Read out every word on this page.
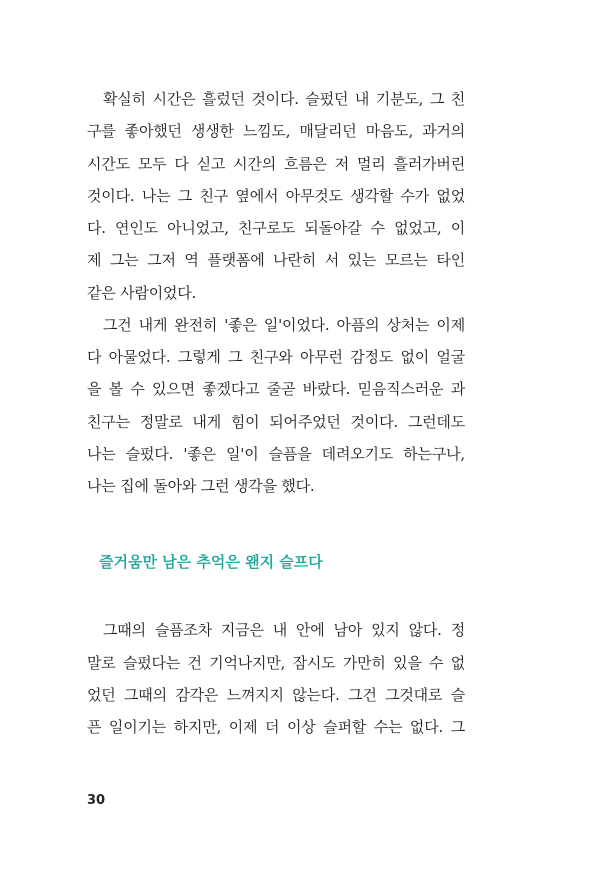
확실히 시간은 흘렀던 것이다. 슬펐던 내 기분도, 그 친
구를 좋아했던 생생한 느낌도, 매달리던 마음도, 과거의
시간도 모두 다 싣고 시간의 흐름은 저 멀리 흘러가버린
것이다. 나는 그 친구 옆에서 아무것도 생각할 수가 없었
다. 연인도 아니었고, 친구로도 되돌아갈 수 없었고, 이
제 그는 그저 역 플랫폼에 나란히 서 있는 모르는 타인
같은 사람이었다.
그건 내게 완전히 '좋은 일'이었다. 아픔의 상처는 이제
다 아물었다. 그렇게 그 친구와 아무런 감정도 없이 얼굴
을 볼 수 있으면 좋겠다고 줄곧 바랐다. 믿음직스러운 과
친구는 정말로 내게 힘이 되어주었던 것이다. 그런데도
나는 슬펐다. '좋은 일'이 슬픔을 데려오기도 하는구나,
나는 집에 돌아와 그런 생각을 했다.
즐거움만 남은 추억은 왠지 슬프다
그때의 슬픔조차 지금은 내 안에 남아 있지 않다. 정
말로 슬펐다는 건 기억나지만, 잠시도 가만히 있을 수 없
었던 그때의 감각은 느껴지지 않는다. 그건 그것대로 슬
픈 일이기는 하지만, 이제 더 이상 슬퍼할 수는 없다. 그
30
